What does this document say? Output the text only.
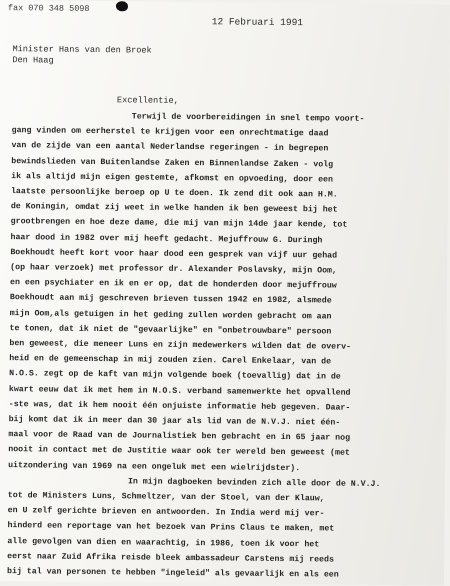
fax 070 348 5098
12 Februari 1991
Minister Hans van den Broek
Den Haag
Excellentie,
Terwijl de voorbereidingen in snel tempo voort-
gang vinden om eerherstel te krijgen voor een onrechtmatige daad
van de zijde van een aantal Nederlandse regeringen - in begrepen
bewindslieden van Buitenlandse Zaken en Binnenlandse Zaken - volg
ik als altijd mijn eigen gestemte, afkomst en opvoeding, door een
laatste persoonlijke beroep op U te doen. Ik zend dit ook aan H.M.
de Koningin, omdat zij weet in welke handen ik ben geweest bij het
grootbrengen en hoe deze dame, die mij van mijn 14de jaar kende, tot
haar dood in 1982 over mij heeft gedacht. Mejuffrouw G. Duringh
Boekhoudt heeft kort voor haar dood een gesprek van vijf uur gehad
(op haar verzoek) met professor dr. Alexander Poslavsky, mijn Oom,
en een psychiater en ik en er op, dat de honderden door mejuffrouw
Boekhoudt aan mij geschreven brieven tussen 1942 en 1982, alsmede
mijn Oom,als getuigen in het geding zullen worden gebracht om aan
te tonen, dat ik niet de "gevaarlijke" en "onbetrouwbare" persoon
ben geweest, die meneer Luns en zijn medewerkers wilden dat de overv-
heid en de gemeenschap in mij zouden zien. Carel Enkelaar, van de
N.O.S. zegt op de kaft van mijn volgende boek (toevallig) dat in de
kwart eeuw dat ik met hem in N.O.S. verband samenwerkte het opvallend
-ste was, dat ik hem nooit één onjuiste informatie heb gegeven. Daar-
bij komt dat ik in meer dan 30 jaar als lid van de N.V.J. niet één-
maal voor de Raad van de Journalistiek ben gebracht en in 65 jaar nog
nooit in contact met de Justitie waar ook ter wereld ben geweest (met
uitzondering van 1969 na een ongeluk met een wielrijdster).
In mijn dagboeken bevinden zich alle door de N.V.J.
tot de Ministers Luns, Schmeltzer, van der Stoel, van der Klauw,
en U zelf gerichte brieven en antwoorden. In India werd mij ver-
hinderd een reportage van het bezoek van Prins Claus te maken, met
alle gevolgen van dien en waarachtig, in 1986, toen ik voor het
eerst naar Zuid Afrika reisde bleek ambassadeur Carstens mij reeds
bij tal van personen te hebben "ingeleid" als gevaarlijk en als een
